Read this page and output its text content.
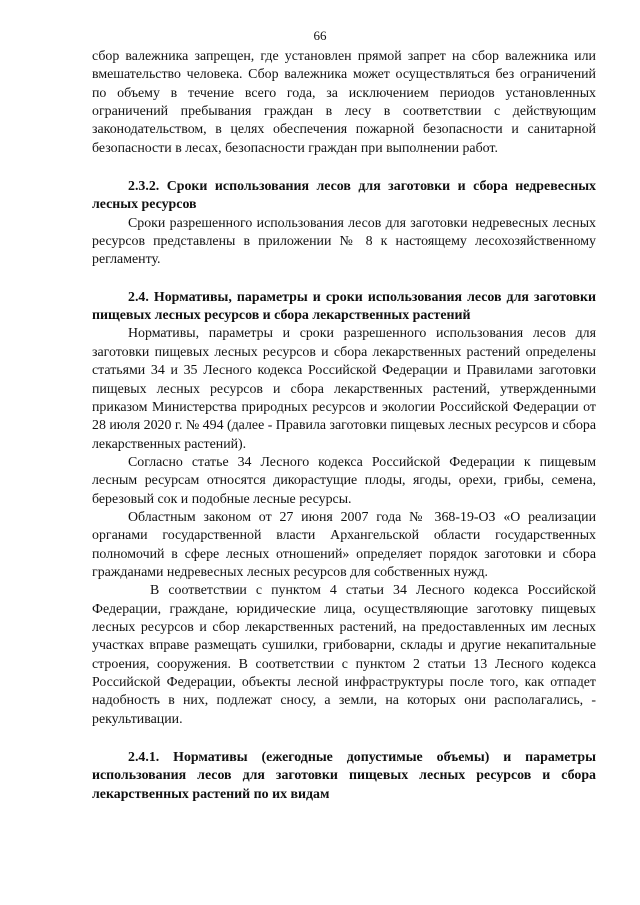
66

сбор валежника запрещен, где установлен прямой запрет на сбор валежника или вмешательство человека. Сбор валежника может осуществляться без ограничений по объему в течение всего года, за исключением периодов установленных ограничений пребывания граждан в лесу в соответствии с действующим законодательством, в целях обеспечения пожарной безопасности и санитарной безопасности в лесах, безопасности граждан при выполнении работ.

2.3.2. Сроки использования лесов для заготовки и сбора недревесных лесных ресурсов

Сроки разрешенного использования лесов для заготовки недревесных лесных ресурсов представлены в приложении № 8 к настоящему лесохозяйственному регламенту.

2.4. Нормативы, параметры и сроки использования лесов для заготовки пищевых лесных ресурсов и сбора лекарственных растений

Нормативы, параметры и сроки разрешенного использования лесов для заготовки пищевых лесных ресурсов и сбора лекарственных растений определены статьями 34 и 35 Лесного кодекса Российской Федерации и Правилами заготовки пищевых лесных ресурсов и сбора лекарственных растений, утвержденными приказом Министерства природных ресурсов и экологии Российской Федерации от 28 июля 2020 г. № 494 (далее - Правила заготовки пищевых лесных ресурсов и сбора лекарственных растений).

Согласно статье 34 Лесного кодекса Российской Федерации к пищевым лесным ресурсам относятся дикорастущие плоды, ягоды, орехи, грибы, семена, березовый сок и подобные лесные ресурсы.

Областным законом от 27 июня 2007 года № 368-19-ОЗ «О реализации органами государственной власти Архангельской области государственных полномочий в сфере лесных отношений» определяет порядок заготовки и сбора гражданами недревесных лесных ресурсов для собственных нужд.

В соответствии с пунктом 4 статьи 34 Лесного кодекса Российской Федерации, граждане, юридические лица, осуществляющие заготовку пищевых лесных ресурсов и сбор лекарственных растений, на предоставленных им лесных участках вправе размещать сушилки, грибоварни, склады и другие некапитальные строения, сооружения. В соответствии с пунктом 2 статьи 13 Лесного кодекса Российской Федерации, объекты лесной инфраструктуры после того, как отпадет надобность в них, подлежат сносу, а земли, на которых они располагались, - рекультивации.

2.4.1. Нормативы (ежегодные допустимые объемы) и параметры использования лесов для заготовки пищевых лесных ресурсов и сбора лекарственных растений по их видам
